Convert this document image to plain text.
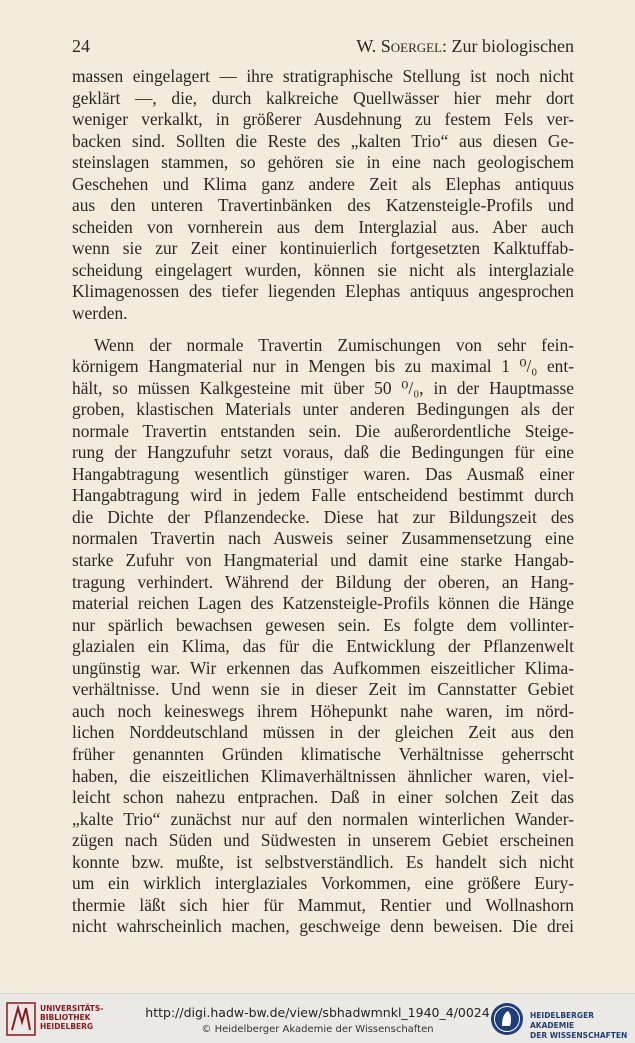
24	W. Soergel: Zur biologischen

massen eingelagert — ihre stratigraphische Stellung ist noch nicht
geklärt —, die, durch kalkreiche Quellwässer hier mehr dort
weniger verkalkt, in größerer Ausdehnung zu festem Fels ver-
backen sind. Sollten die Reste des „kalten Trio“ aus diesen Ge-
steinslagen stammen, so gehören sie in eine nach geologischem
Geschehen und Klima ganz andere Zeit als Elephas antiquus
aus den unteren Travertinbänken des Katzensteigle-Profils und
scheiden von vornherein aus dem Interglazial aus. Aber auch
wenn sie zur Zeit einer kontinuierlich fortgesetzten Kalktuffab-
scheidung eingelagert wurden, können sie nicht als interglaziale
Klimagenossen des tiefer liegenden Elephas antiquus angesprochen
werden.

Wenn der normale Travertin Zumischungen von sehr fein-
körnigem Hangmaterial nur in Mengen bis zu maximal 1 ⁰/₀ ent-
hält, so müssen Kalkgesteine mit über 50 ⁰/₀, in der Hauptmasse
groben, klastischen Materials unter anderen Bedingungen als der
normale Travertin entstanden sein. Die außerordentliche Steige-
rung der Hangzufuhr setzt voraus, daß die Bedingungen für eine
Hangabtragung wesentlich günstiger waren. Das Ausmaß einer
Hangabtragung wird in jedem Falle entscheidend bestimmt durch
die Dichte der Pflanzendecke. Diese hat zur Bildungszeit des
normalen Travertin nach Ausweis seiner Zusammensetzung eine
starke Zufuhr von Hangmaterial und damit eine starke Hangab-
tragung verhindert. Während der Bildung der oberen, an Hang-
material reichen Lagen des Katzensteigle-Profils können die Hänge
nur spärlich bewachsen gewesen sein. Es folgte dem vollinter-
glazialen ein Klima, das für die Entwicklung der Pflanzenwelt
ungünstig war. Wir erkennen das Aufkommen eiszeitlicher Klima-
verhältnisse. Und wenn sie in dieser Zeit im Cannstatter Gebiet
auch noch keineswegs ihrem Höhepunkt nahe waren, im nörd-
lichen Norddeutschland müssen in der gleichen Zeit aus den
früher genannten Gründen klimatische Verhältnisse geherrscht
haben, die eiszeitlichen Klimaverhältnissen ähnlicher waren, viel-
leicht schon nahezu entprachen. Daß in einer solchen Zeit das
„kalte Trio“ zunächst nur auf den normalen winterlichen Wander-
zügen nach Süden und Südwesten in unserem Gebiet erscheinen
konnte bzw. mußte, ist selbstverständlich. Es handelt sich nicht
um ein wirklich interglaziales Vorkommen, eine größere Eury-
thermie läßt sich hier für Mammut, Rentier und Wollnashorn
nicht wahrscheinlich machen, geschweige denn beweisen. Die drei

UNIVERSITÄTS-
BIBLIOTHEK
HEIDELBERG
http://digi.hadw-bw.de/view/sbhadwmnkl_1940_4/0024
© Heidelberger Akademie der Wissenschaften
HEIDELBERGER AKADEMIE
DER WISSENSCHAFTEN
